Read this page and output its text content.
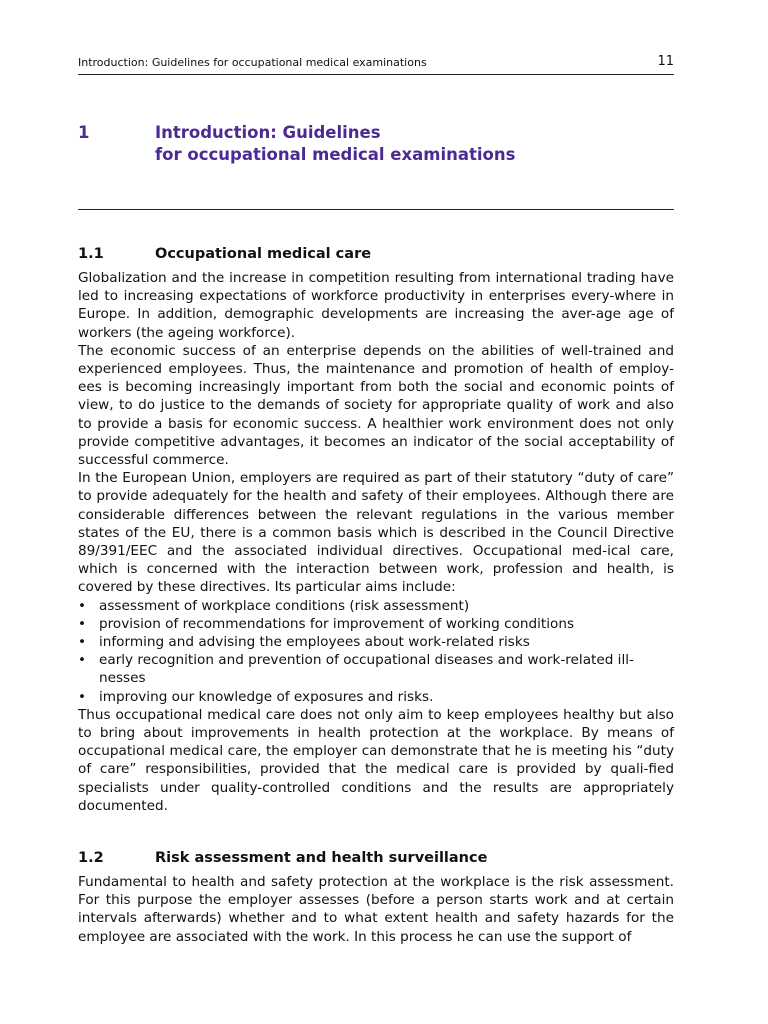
Introduction: Guidelines for occupational medical examinations	11
1	Introduction: Guidelines
for occupational medical examinations
1.1	Occupational medical care

Globalization and the increase in competition resulting from international trading have led to increasing expectations of workforce productivity in enterprises every-where in Europe. In addition, demographic developments are increasing the aver-age age of workers (the ageing workforce).

The economic success of an enterprise depends on the abilities of well-trained and experienced employees. Thus, the maintenance and promotion of health of employ-ees is becoming increasingly important from both the social and economic points of view, to do justice to the demands of society for appropriate quality of work and also to provide a basis for economic success. A healthier work environment does not only provide competitive advantages, it becomes an indicator of the social acceptability of successful commerce.

In the European Union, employers are required as part of their statutory “duty of care” to provide adequately for the health and safety of their employees. Although there are considerable differences between the relevant regulations in the various member states of the EU, there is a common basis which is described in the Council Directive 89/391/EEC and the associated individual directives. Occupational med-ical care, which is concerned with the interaction between work, profession and health, is covered by these directives. Its particular aims include:

• assessment of workplace conditions (risk assessment)
• provision of recommendations for improvement of working conditions
• informing and advising the employees about work-related risks
• early recognition and prevention of occupational diseases and work-related ill-nesses
• improving our knowledge of exposures and risks.

Thus occupational medical care does not only aim to keep employees healthy but also to bring about improvements in health protection at the workplace. By means of occupational medical care, the employer can demonstrate that he is meeting his “duty of care” responsibilities, provided that the medical care is provided by quali-fied specialists under quality-controlled conditions and the results are appropriately documented.

1.2	Risk assessment and health surveillance

Fundamental to health and safety protection at the workplace is the risk assessment. For this purpose the employer assesses (before a person starts work and at certain intervals afterwards) whether and to what extent health and safety hazards for the employee are associated with the work. In this process he can use the support of
